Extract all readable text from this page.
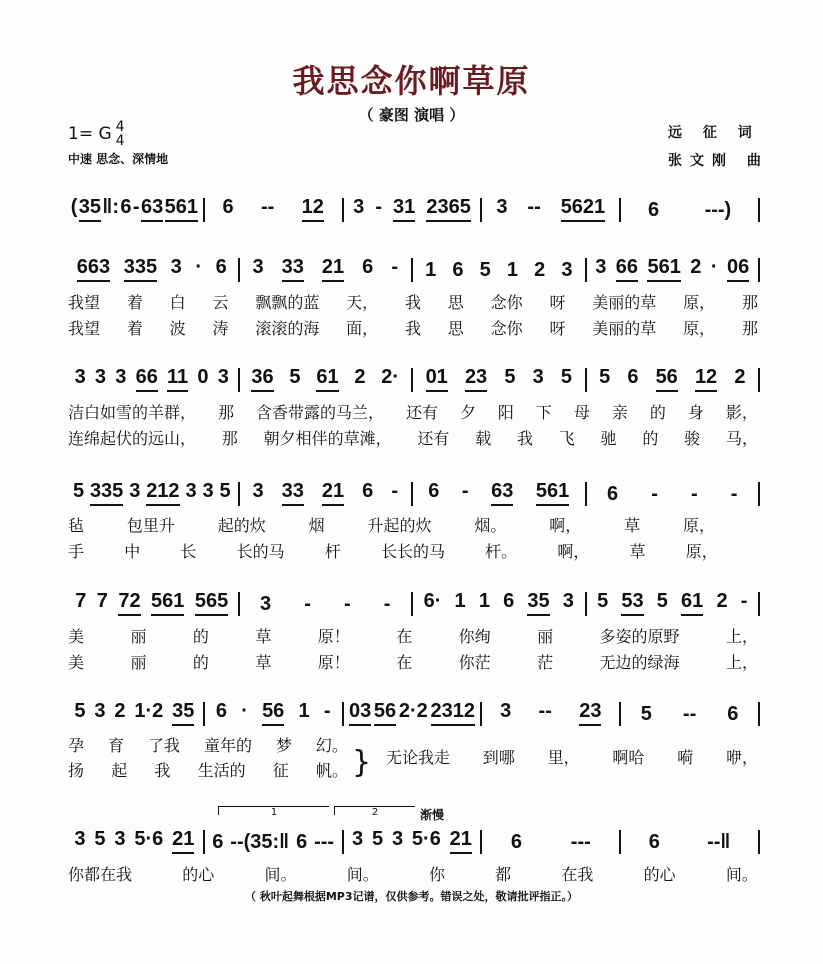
我思念你啊草原
（ 豪图 演唱 ）
1= G 4
4
中速 思念、深情地
远 征 词
张文刚 曲
( 35 ‖: 6 - 63 561 6 -- 12 3 - 31 2365 3 -- 5621 6 ---)
663 335 3 · 6 3 33 21 6 - 1 6 5 1 2 3 3 66 561 2 · 06
我望 着 白 云 飘飘的蓝 天， 我 思 念你 呀 美丽的草 原， 那
我望 着 波 涛 滚滚的海 面， 我 思 念你 呀 美丽的草 原， 那
3 3 3 66 11 0 3 36 5 61 2 2· 01 23 5 3 5 5 6 56 12 2
洁白如雪的羊群， 那 含香带露的马兰， 还有 夕 阳 下 母 亲 的 身 影，
连绵起伏的远山， 那 朝夕相伴的草滩， 还有 载 我 飞 驰 的 骏 马，
5 335 3 212 3 3 5 3 33 21 6 - 6 - 63 561 6 - - -
毡	包里升	起的炊	烟	升起的炊	烟。	啊，	草	原，
手	中	长	长的马	杆	长长的马	杆。	啊，	草	原，
7 7 72 561 565 3 - - - 6· 1 1 6 35 3 5 53 5 61 2 -
美	丽	的	草	原！	在	你绚	丽	多姿的原野	上，
美	丽	的	草	原！	在	你茫	茫	无边的绿海	上，
5 3 2 1·2 35 6 · 56 1 - 03 56 2·2 2312 3 -- 23 5 -- 6
孕 育 了我 童年的 梦 幻。
扬 起 我 生活的 征 帆。
无论我走 到哪 里， 啊哈 嗬 咿，
3 5 3 5·6 21 6 --(35:‖ 6 --- 3 5 3 5·6 21 6 ---	6 --‖
你都在我	的心	间。	间。	你	都	在我	的心	间。
}
1	2	渐慢
（ 秋叶起舞根据MP3记谱，仅供参考。错误之处，敬请批评指正。）
